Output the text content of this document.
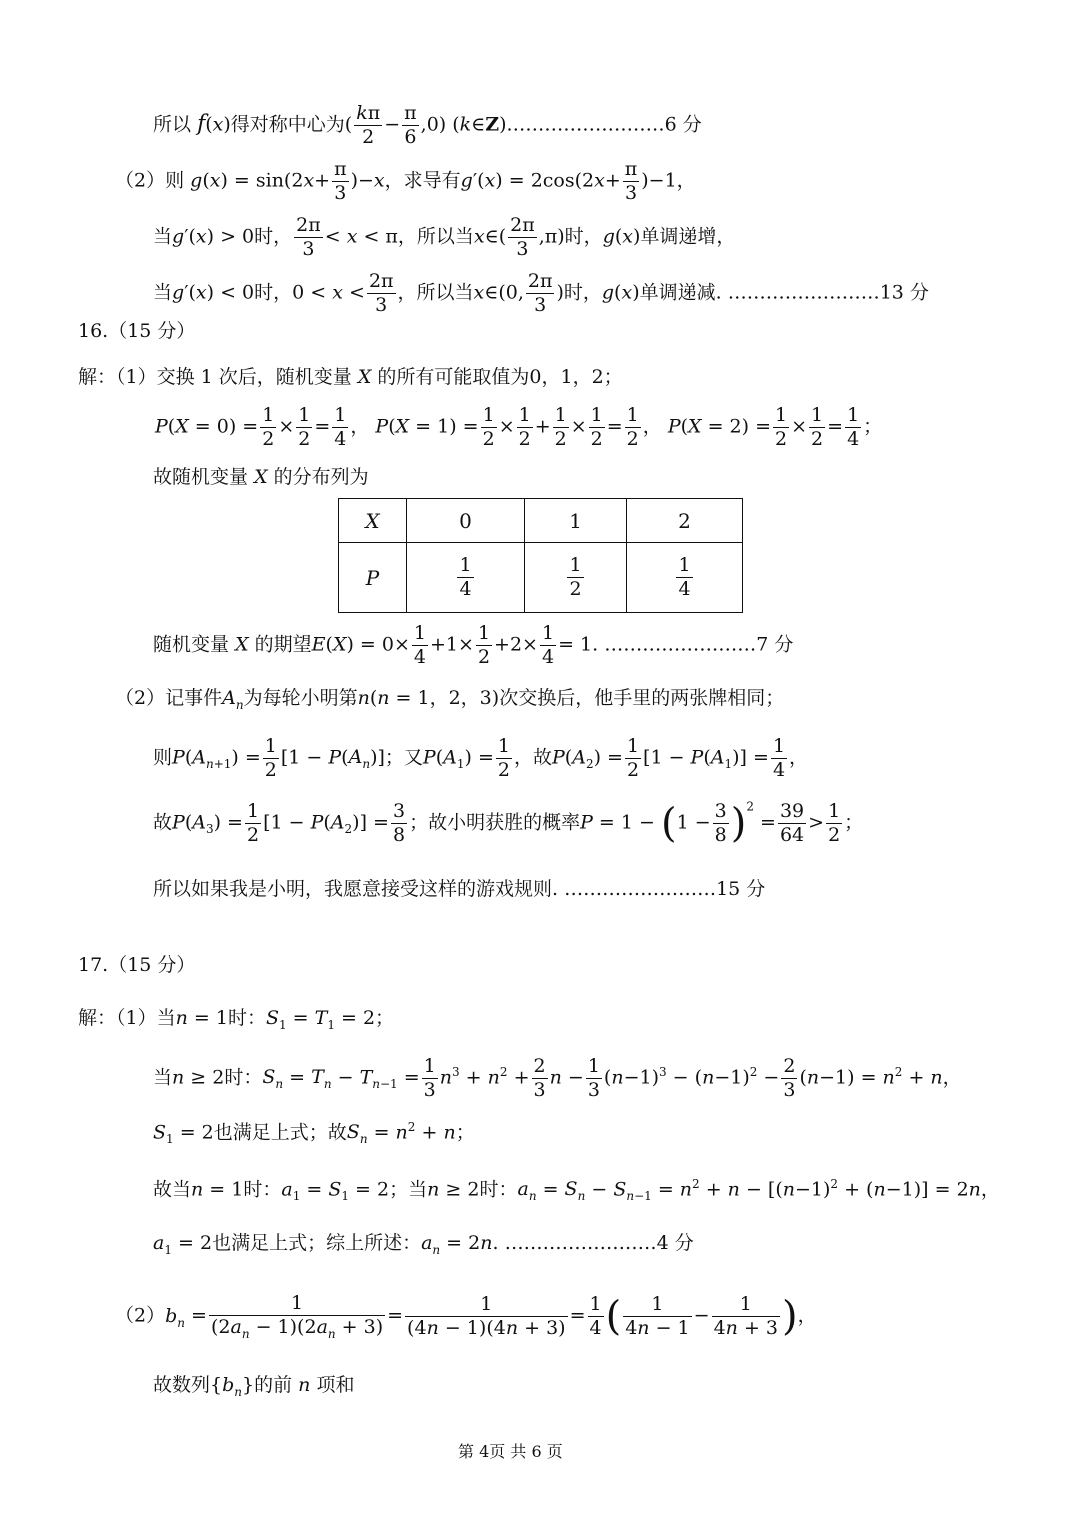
所以 f(x)得对称中心为( $\frac{k\pi}{2} - \frac{\pi}{6} ,0$) (k∈Z).……………………6 分
（2）则 $g(x) = \sin(2x+ \frac{\pi}{3} )-x$，求导有$g'(x) = 2\cos(2x+ \frac{\pi}{3} )-1$，
当g′(x) > 0时， $\frac{2\pi}{3} < x < \pi$，所以当x∈( $\frac{2\pi}{3} ,\pi$)时，g(x)单调递增，
当g′(x) < 0时，$0 < x < \frac{2\pi}{3}$ ，所以当x∈(0, $\frac{2\pi}{3}$ )时，g(x)单调递减. ……………………13 分
16.（15 分）
解：（1）交换 1 次后，随机变量 X 的所有可能取值为0，1，2；
$P(X = 0) = \frac{1}{2} \times \frac{1}{2} = \frac{1}{4}$ ， $P(X = 1) = \frac{1}{2} \times \frac{1}{2} + \frac{1}{2} \times \frac{1}{2} = \frac{1}{2}$ ， $P(X = 2) = \frac{1}{2} \times \frac{1}{2} = \frac{1}{4}$ ；
故随机变量 X 的分布列为
X	0	1	2
P	$\frac{1}{4}$	$\frac{1}{2}$	$\frac{1}{4}$
随机变量 X 的期望$E(X) = 0\times \frac{1}{4} +1\times \frac{1}{2} +2\times \frac{1}{4} = 1$. ……………………7 分
（2）记事件$A_n$为每轮小明第n(n = 1，2，3)次交换后，他手里的两张牌相同；
则$P(A_{n+1}) = \frac{1}{2} [1 - P(A_n)]$；又$P(A_1) = \frac{1}{2}$ ，故$P(A_2) = \frac{1}{2} [1 - P(A_1)] = \frac{1}{4}$ ，
故$P(A_3) = \frac{1}{2} [1 - P(A_2)] = \frac{3}{8}$ ；故小明获胜的概率$P = 1 - (1 - \frac{3}{8} )^2 = \frac{39}{64} > \frac{1}{2}$ ；
所以如果我是小明，我愿意接受这样的游戏规则. ……………………15 分
17.（15 分）
解：（1）当n = 1时：$S_1 = T_1 = 2$；
当n ≥ 2时：$S_n = T_n - T_{n-1} = \frac{1}{3} n^3 + n^2 + \frac{2}{3}$ $n - \frac{1}{3} (n-1)^3 - (n-1)^2 - \frac{2}{3} (n-1) = n^2 + n$，
$S_1 = 2$也满足上式；故$S_n = n^2 + n$；
故当n = 1时：$a_1 = S_1 = 2$；当n ≥ 2时：$a_n = S_n - S_{n-1} = n^2 + n - [(n-1)^2 + (n-1)] = 2n$，
$a_1 = 2$也满足上式；综上所述：$a_n = 2n$. ……………………4 分
$(2)b_n = \frac{1}{(2a_n - 1)(2a_n + 3)} = \frac{1}{(4n - 1)(4n + 3)} = \frac{1}{4}$ ( $\frac{1}{4n - 1} - \frac{1}{4n + 3}$ )，
故数列$\{b_n\}$的前 n 项和
第 4页 共 6 页
